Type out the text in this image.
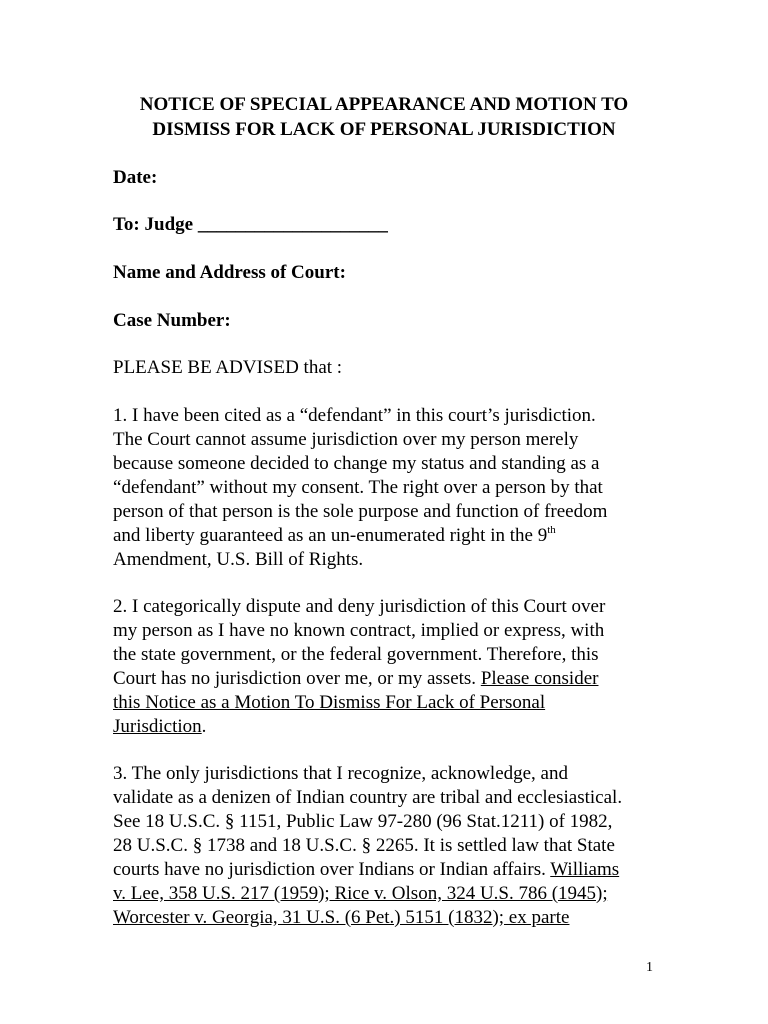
NOTICE OF SPECIAL APPEARANCE AND MOTION TO
DISMISS FOR LACK OF PERSONAL JURISDICTION
Date:
To: Judge ____________________
Name and Address of Court:
Case Number:
PLEASE BE ADVISED that :
1. I have been cited as a “defendant” in this court’s jurisdiction.
The Court cannot assume jurisdiction over my person merely
because someone decided to change my status and standing as a
“defendant” without my consent. The right over a person by that
person of that person is the sole purpose and function of freedom
and liberty guaranteed as an un-enumerated right in the 9th
Amendment, U.S. Bill of Rights.
2. I categorically dispute and deny jurisdiction of this Court over
my person as I have no known contract, implied or express, with
the state government, or the federal government. Therefore, this
Court has no jurisdiction over me, or my assets. Please consider
this Notice as a Motion To Dismiss For Lack of Personal
Jurisdiction.
3. The only jurisdictions that I recognize, acknowledge, and
validate as a denizen of Indian country are tribal and ecclesiastical.
See 18 U.S.C. § 1151, Public Law 97-280 (96 Stat.1211) of 1982,
28 U.S.C. § 1738 and 18 U.S.C. § 2265. It is settled law that State
courts have no jurisdiction over Indians or Indian affairs. Williams
v. Lee, 358 U.S. 217 (1959); Rice v. Olson, 324 U.S. 786 (1945);
Worcester v. Georgia, 31 U.S. (6 Pet.) 5151 (1832); ex parte
1
